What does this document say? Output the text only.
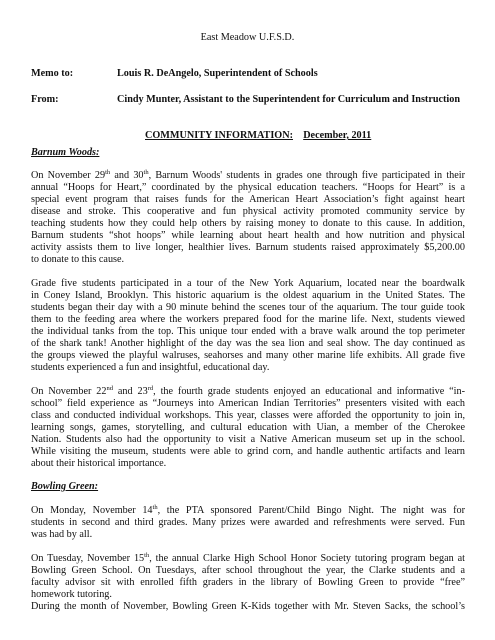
East Meadow U.F.S.D.
Memo to:	Louis R. DeAngelo, Superintendent of Schools
From:	Cindy Munter, Assistant to the Superintendent for Curriculum and Instruction
COMMUNITY INFORMATION: December, 2011
Barnum Woods:
On November 29th and 30th, Barnum Woods' students in grades one through five participated in their
annual “Hoops for Heart,” coordinated by the physical education teachers. “Hoops for Heart” is a
special event program that raises funds for the American Heart Association’s fight against heart
disease and stroke. This cooperative and fun physical activity promoted community service by
teaching students how they could help others by raising money to donate to this cause. In addition,
Barnum students “shot hoops” while learning about heart health and how nutrition and physical
activity assists them to live longer, healthier lives. Barnum students raised approximately $5,200.00
to donate to this cause.
Grade five students participated in a tour of the New York Aquarium, located near the boardwalk
in Coney Island, Brooklyn. This historic aquarium is the oldest aquarium in the United States. The
students began their day with a 90 minute behind the scenes tour of the aquarium. The tour guide took
them to the feeding area where the workers prepared food for the marine life. Next, students viewed
the individual tanks from the top. This unique tour ended with a brave walk around the top perimeter
of the shark tank! Another highlight of the day was the sea lion and seal show. The day continued as
the groups viewed the playful walruses, seahorses and many other marine life exhibits. All grade five
students experienced a fun and insightful, educational day.
On November 22nd and 23rd, the fourth grade students enjoyed an educational and informative “in-
school” field experience as “Journeys into American Indian Territories” presenters visited with each
class and conducted individual workshops. This year, classes were afforded the opportunity to join in,
learning songs, games, storytelling, and cultural education with Uian, a member of the Cherokee
Nation. Students also had the opportunity to visit a Native American museum set up in the school.
While visiting the museum, students were able to grind corn, and handle authentic artifacts and learn
about their historical importance.
Bowling Green:
On Monday, November 14th, the PTA sponsored Parent/Child Bingo Night. The night was for
students in second and third grades. Many prizes were awarded and refreshments were served. Fun
was had by all.
On Tuesday, November 15th, the annual Clarke High School Honor Society tutoring program began at
Bowling Green School. On Tuesdays, after school throughout the year, the Clarke students and a
faculty advisor sit with enrolled fifth graders in the library of Bowling Green to provide “free”
homework tutoring.
During the month of November, Bowling Green K-Kids together with Mr. Steven Sacks, the school’s
